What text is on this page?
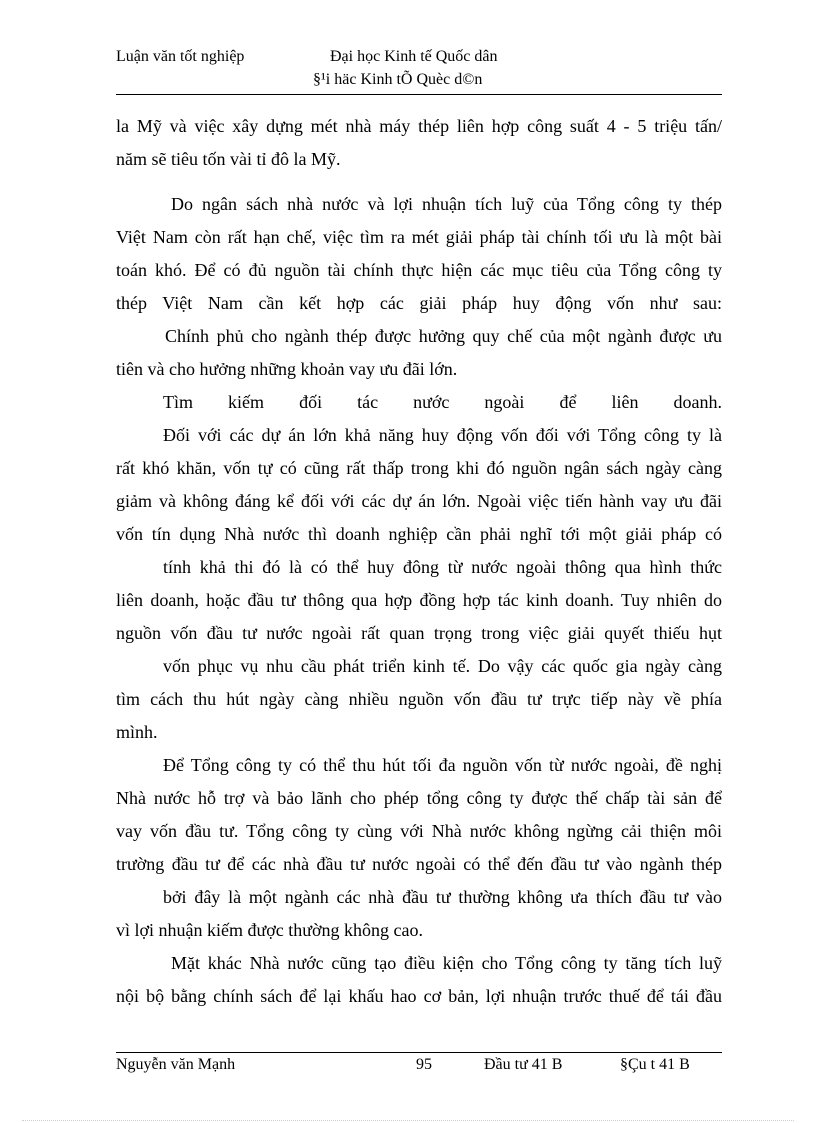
Luận văn tốt nghiệp	Đại học Kinh tế Quốc dân
§¹i häc Kinh tÕ Quèc d©n
la Mỹ và việc xây dựng mét nhà máy thép liên hợp công suất 4 - 5 triệu tấn/
năm sẽ tiêu tốn vài tỉ đô la Mỹ.
Do ngân sách nhà nước và lợi nhuận tích luỹ của Tổng công ty thép
Việt Nam còn rất hạn chế, việc tìm ra mét giải pháp tài chính tối ưu là một bài
toán khó. Để có đủ nguồn tài chính thực hiện các mục tiêu của Tổng công ty
thép Việt Nam cần kết hợp các giải pháp huy động vốn như sau:
Chính phủ cho ngành thép được hưởng quy chế của một ngành được ưu
tiên và cho hưởng những khoản vay ưu đãi lớn.
Tìm kiếm đối tác nước ngoài để liên doanh.
Đối với các dự án lớn khả năng huy động vốn đối với Tổng công ty là
rất khó khăn, vốn tự có cũng rất thấp trong khi đó nguồn ngân sách ngày càng
giảm và không đáng kể đối với các dự án lớn. Ngoài việc tiến hành vay ưu đãi
vốn tín dụng Nhà nước thì doanh nghiệp cần phải nghĩ tới một giải pháp có
tính khả thi đó là có thể huy đông từ nước ngoài thông qua hình thức
liên doanh, hoặc đầu tư thông qua hợp đồng hợp tác kinh doanh. Tuy nhiên do
nguồn vốn đầu tư nước ngoài rất quan trọng trong việc giải quyết thiếu hụt
vốn phục vụ nhu cầu phát triển kinh tế. Do vậy các quốc gia ngày càng
tìm cách thu hút ngày càng nhiều nguồn vốn đầu tư trực tiếp này về phía
mình.
Để Tổng công ty có thể thu hút tối đa nguồn vốn từ nước ngoài, đề nghị
Nhà nước hỗ trợ và bảo lãnh cho phép tổng công ty được thế chấp tài sản để
vay vốn đầu tư. Tổng công ty cùng với Nhà nước không ngừng cải thiện môi
trường đầu tư để các nhà đầu tư nước ngoài có thể đến đầu tư vào ngành thép
bởi đây là một ngành các nhà đầu tư thường không ưa thích đầu tư vào
vì lợi nhuận kiếm được thường không cao.
Mặt khác Nhà nước cũng tạo điều kiện cho Tổng công ty tăng tích luỹ
nội bộ bằng chính sách để lại khấu hao cơ bản, lợi nhuận trước thuế để tái đầu
Nguyễn văn Mạnh	95	Đầu tư 41 B	§Çu t 41 B
